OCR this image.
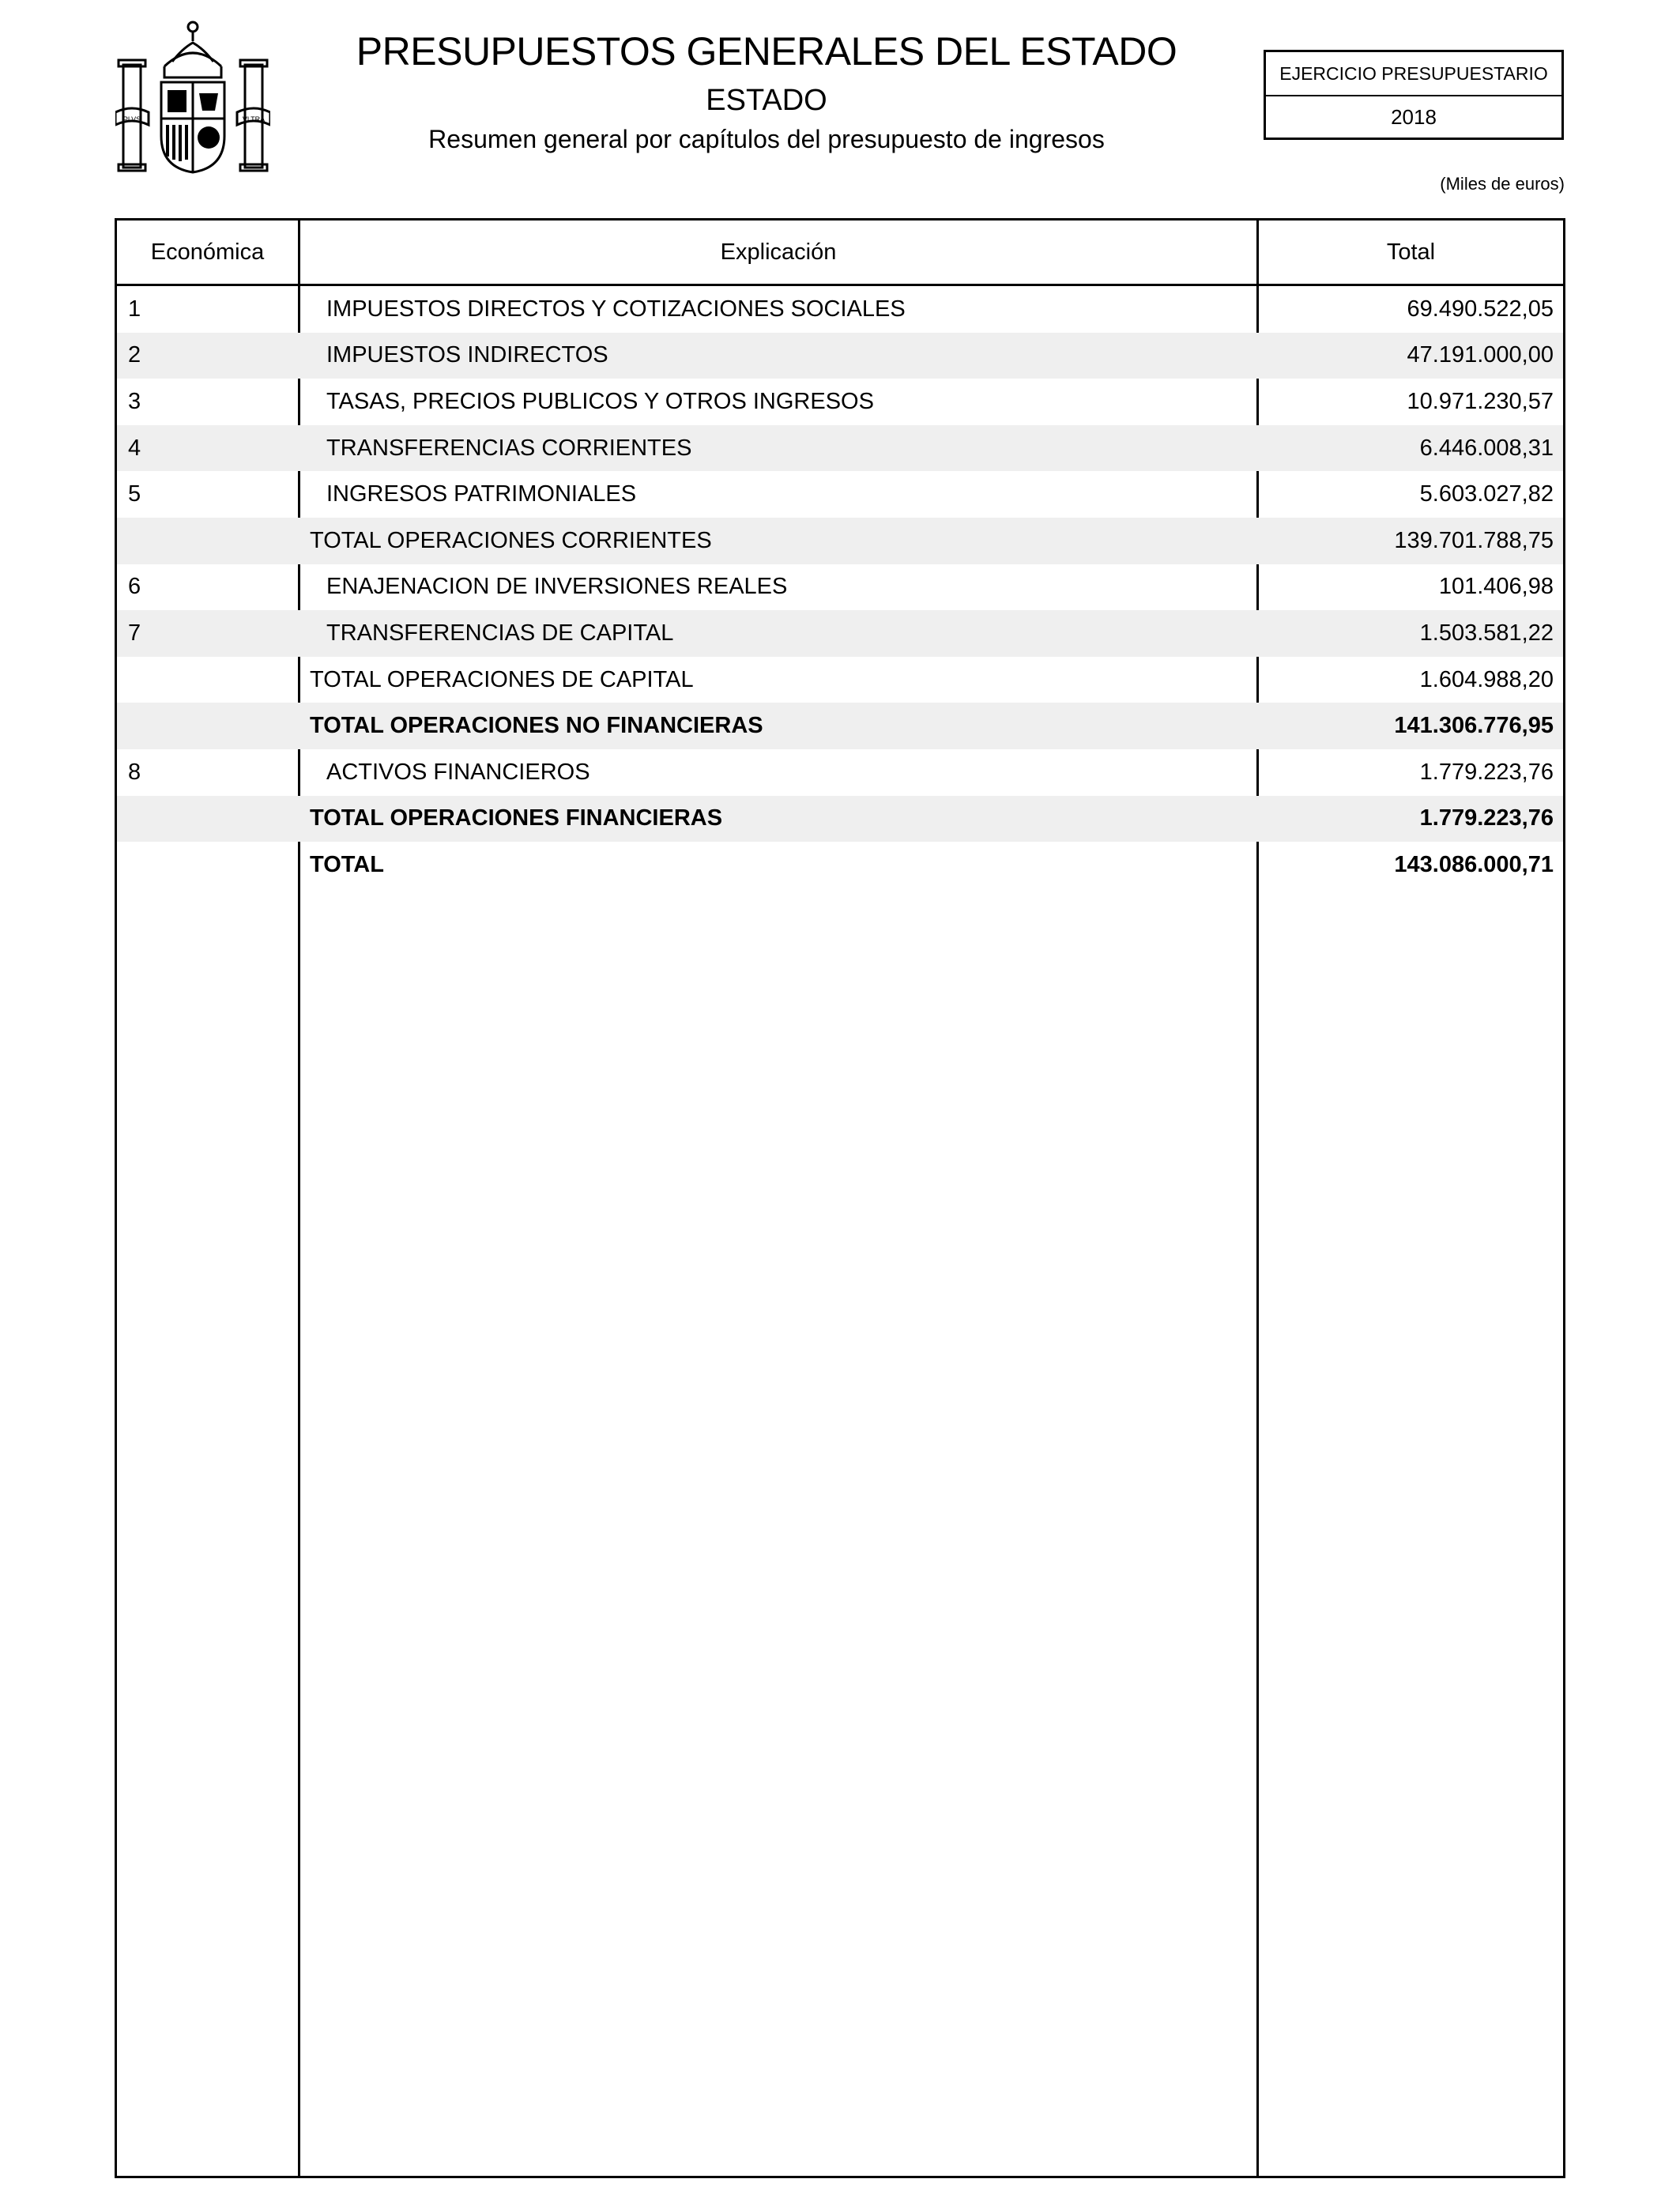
PLVS	VLTRA
PRESUPUESTOS GENERALES DEL ESTADO
ESTADO
Resumen general por capítulos del presupuesto de ingresos
EJERCICIO PRESUPUESTARIO
2018
(Miles de euros)
Económica	Explicación	Total
1	IMPUESTOS DIRECTOS Y COTIZACIONES SOCIALES	69.490.522,05
2	IMPUESTOS INDIRECTOS	47.191.000,00
3	TASAS, PRECIOS PUBLICOS Y OTROS INGRESOS	10.971.230,57
4	TRANSFERENCIAS CORRIENTES	6.446.008,31
5	INGRESOS PATRIMONIALES	5.603.027,82
TOTAL OPERACIONES CORRIENTES	139.701.788,75
6	ENAJENACION DE INVERSIONES REALES	101.406,98
7	TRANSFERENCIAS DE CAPITAL	1.503.581,22
TOTAL OPERACIONES DE CAPITAL	1.604.988,20
TOTAL OPERACIONES NO FINANCIERAS	141.306.776,95
8	ACTIVOS FINANCIEROS	1.779.223,76
TOTAL OPERACIONES FINANCIERAS	1.779.223,76
TOTAL	143.086.000,71
